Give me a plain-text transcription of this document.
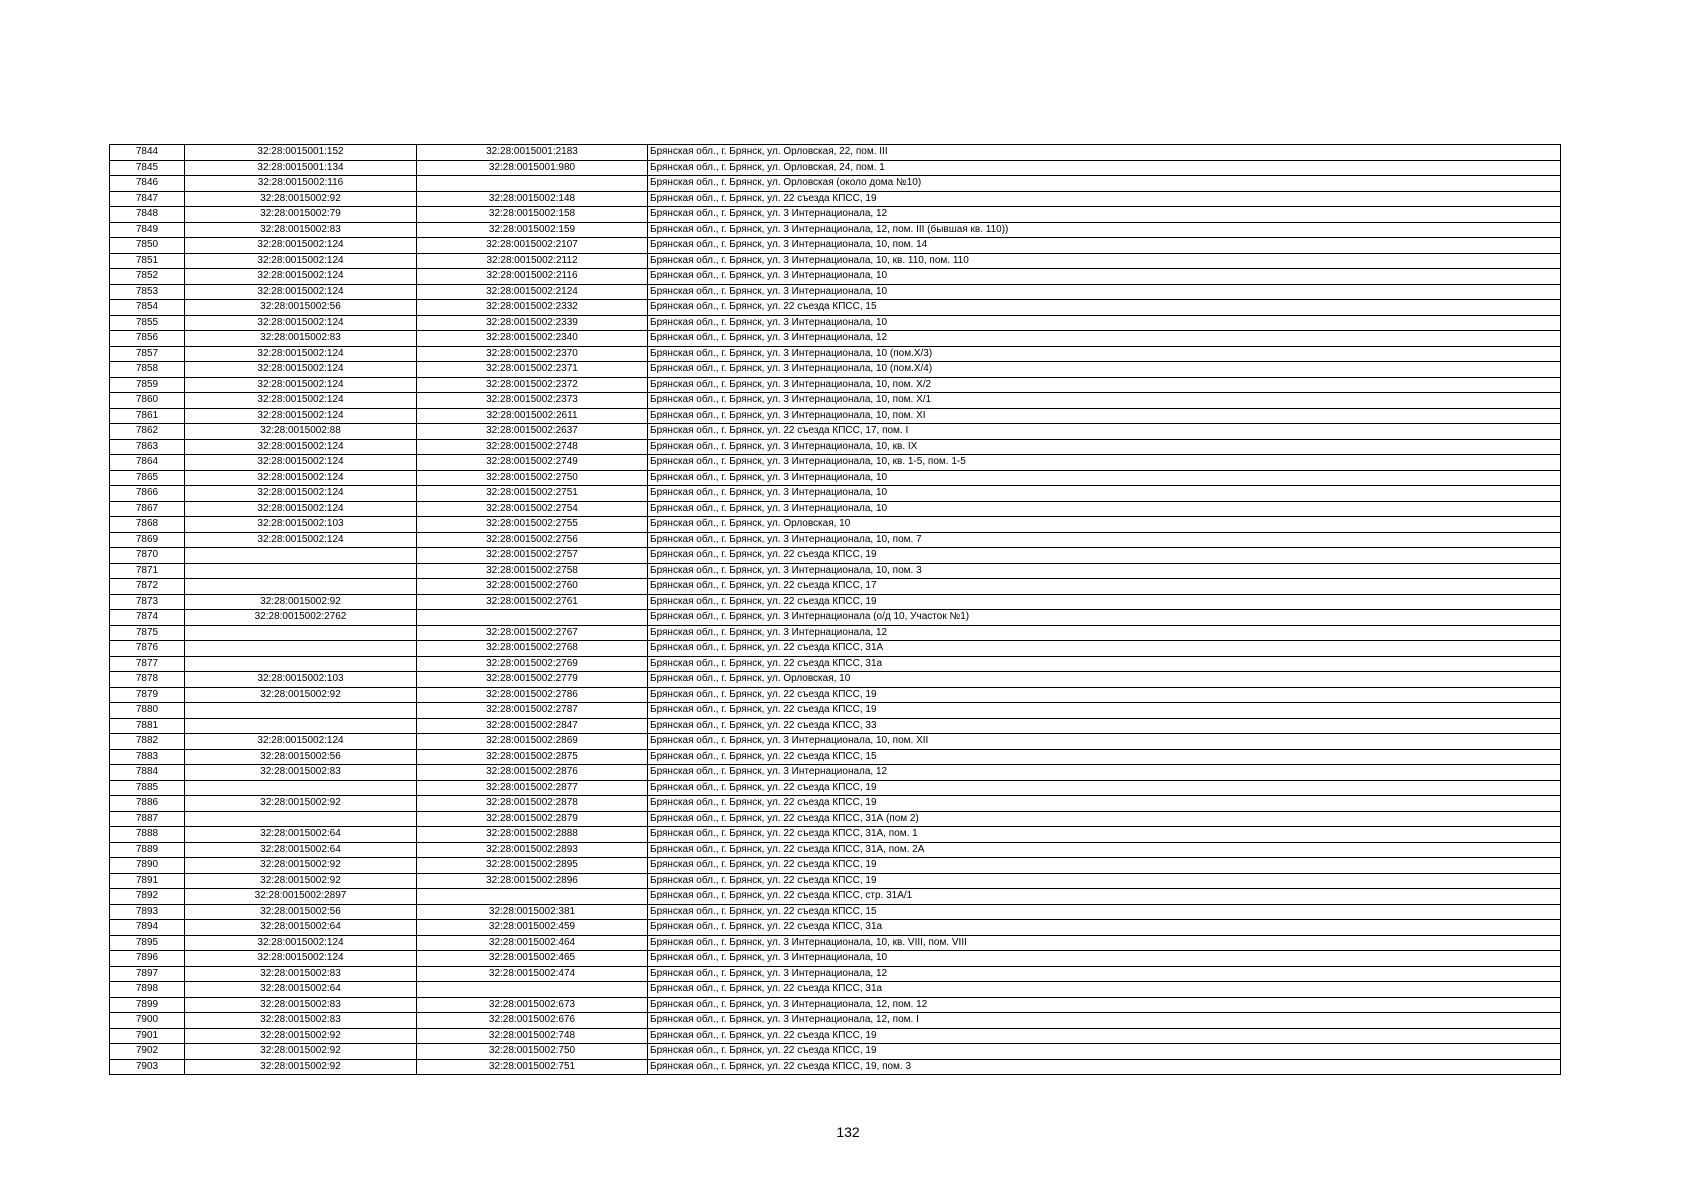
7844	32:28:0015001:152	32:28:0015001:2183	Брянская обл., г. Брянск, ул. Орловская, 22, пом. III
7845	32:28:0015001:134	32:28:0015001:980	Брянская обл., г. Брянск, ул. Орловская, 24, пом. 1
7846	32:28:0015002:116		Брянская обл., г. Брянск, ул. Орловская (около дома №10)
7847	32:28:0015002:92	32:28:0015002:148	Брянская обл., г. Брянск, ул. 22 съезда КПСС, 19
7848	32:28:0015002:79	32:28:0015002:158	Брянская обл., г. Брянск, ул. 3 Интернационала, 12
7849	32:28:0015002:83	32:28:0015002:159	Брянская обл., г. Брянск, ул. 3 Интернационала, 12, пом. III (бывшая кв. 110))
7850	32:28:0015002:124	32:28:0015002:2107	Брянская обл., г. Брянск, ул. 3 Интернационала, 10, пом. 14
7851	32:28:0015002:124	32:28:0015002:2112	Брянская обл., г. Брянск, ул. 3 Интернационала, 10, кв. 110, пом. 110
7852	32:28:0015002:124	32:28:0015002:2116	Брянская обл., г. Брянск, ул. 3 Интернационала, 10
7853	32:28:0015002:124	32:28:0015002:2124	Брянская обл., г. Брянск, ул. 3 Интернационала, 10
7854	32:28:0015002:56	32:28:0015002:2332	Брянская обл., г. Брянск, ул. 22 съезда КПСС, 15
7855	32:28:0015002:124	32:28:0015002:2339	Брянская обл., г. Брянск, ул. 3 Интернационала, 10
7856	32:28:0015002:83	32:28:0015002:2340	Брянская обл., г. Брянск, ул. 3 Интернационала, 12
7857	32:28:0015002:124	32:28:0015002:2370	Брянская обл., г. Брянск, ул. 3 Интернационала, 10 (пом.Х/3)
7858	32:28:0015002:124	32:28:0015002:2371	Брянская обл., г. Брянск, ул. 3 Интернационала, 10 (пом.Х/4)
7859	32:28:0015002:124	32:28:0015002:2372	Брянская обл., г. Брянск, ул. 3 Интернационала, 10, пом. Х/2
7860	32:28:0015002:124	32:28:0015002:2373	Брянская обл., г. Брянск, ул. 3 Интернационала, 10, пом. Х/1
7861	32:28:0015002:124	32:28:0015002:2611	Брянская обл., г. Брянск, ул. 3 Интернационала, 10, пом. XI
7862	32:28:0015002:88	32:28:0015002:2637	Брянская обл., г. Брянск, ул. 22 съезда КПСС, 17, пом. I
7863	32:28:0015002:124	32:28:0015002:2748	Брянская обл., г. Брянск, ул. 3 Интернационала, 10, кв. IX
7864	32:28:0015002:124	32:28:0015002:2749	Брянская обл., г. Брянск, ул. 3 Интернационала, 10, кв. 1-5, пом. 1-5
7865	32:28:0015002:124	32:28:0015002:2750	Брянская обл., г. Брянск, ул. 3 Интернационала, 10
7866	32:28:0015002:124	32:28:0015002:2751	Брянская обл., г. Брянск, ул. 3 Интернационала, 10
7867	32:28:0015002:124	32:28:0015002:2754	Брянская обл., г. Брянск, ул. 3 Интернационала, 10
7868	32:28:0015002:103	32:28:0015002:2755	Брянская обл., г. Брянск, ул. Орловская, 10
7869	32:28:0015002:124	32:28:0015002:2756	Брянская обл., г. Брянск, ул. 3 Интернационала, 10, пом. 7
7870		32:28:0015002:2757	Брянская обл., г. Брянск, ул. 22 съезда КПСС, 19
7871		32:28:0015002:2758	Брянская обл., г. Брянск, ул. 3 Интернационала, 10, пом. 3
7872		32:28:0015002:2760	Брянская обл., г. Брянск, ул. 22 съезда КПСС, 17
7873	32:28:0015002:92	32:28:0015002:2761	Брянская обл., г. Брянск, ул. 22 съезда КПСС, 19
7874	32:28:0015002:2762		Брянская обл., г. Брянск, ул. 3 Интернационала (о/д 10, Участок №1)
7875		32:28:0015002:2767	Брянская обл., г. Брянск, ул. 3 Интернационала, 12
7876		32:28:0015002:2768	Брянская обл., г. Брянск, ул. 22 съезда КПСС, 31А
7877		32:28:0015002:2769	Брянская обл., г. Брянск, ул. 22 съезда КПСС, 31а
7878	32:28:0015002:103	32:28:0015002:2779	Брянская обл., г. Брянск, ул. Орловская, 10
7879	32:28:0015002:92	32:28:0015002:2786	Брянская обл., г. Брянск, ул. 22 съезда КПСС, 19
7880		32:28:0015002:2787	Брянская обл., г. Брянск, ул. 22 съезда КПСС, 19
7881		32:28:0015002:2847	Брянская обл., г. Брянск, ул. 22 съезда КПСС, 33
7882	32:28:0015002:124	32:28:0015002:2869	Брянская обл., г. Брянск, ул. 3 Интернационала, 10, пом. XII
7883	32:28:0015002:56	32:28:0015002:2875	Брянская обл., г. Брянск, ул. 22 съезда КПСС, 15
7884	32:28:0015002:83	32:28:0015002:2876	Брянская обл., г. Брянск, ул. 3 Интернационала, 12
7885		32:28:0015002:2877	Брянская обл., г. Брянск, ул. 22 съезда КПСС, 19
7886	32:28:0015002:92	32:28:0015002:2878	Брянская обл., г. Брянск, ул. 22 съезда КПСС, 19
7887		32:28:0015002:2879	Брянская обл., г. Брянск, ул. 22 съезда КПСС, 31А (пом 2)
7888	32:28:0015002:64	32:28:0015002:2888	Брянская обл., г. Брянск, ул. 22 съезда КПСС, 31А, пом. 1
7889	32:28:0015002:64	32:28:0015002:2893	Брянская обл., г. Брянск, ул. 22 съезда КПСС, 31А, пом. 2А
7890	32:28:0015002:92	32:28:0015002:2895	Брянская обл., г. Брянск, ул. 22 съезда КПСС, 19
7891	32:28:0015002:92	32:28:0015002:2896	Брянская обл., г. Брянск, ул. 22 съезда КПСС, 19
7892	32:28:0015002:2897		Брянская обл., г. Брянск, ул. 22 съезда КПСС, стр. 31А/1
7893	32:28:0015002:56	32:28:0015002:381	Брянская обл., г. Брянск, ул. 22 съезда КПСС, 15
7894	32:28:0015002:64	32:28:0015002:459	Брянская обл., г. Брянск, ул. 22 съезда КПСС, 31а
7895	32:28:0015002:124	32:28:0015002:464	Брянская обл., г. Брянск, ул. 3 Интернационала, 10, кв. VIII, пом. VIII
7896	32:28:0015002:124	32:28:0015002:465	Брянская обл., г. Брянск, ул. 3 Интернационала, 10
7897	32:28:0015002:83	32:28:0015002:474	Брянская обл., г. Брянск, ул. 3 Интернационала, 12
7898	32:28:0015002:64		Брянская обл., г. Брянск, ул. 22 съезда КПСС, 31а
7899	32:28:0015002:83	32:28:0015002:673	Брянская обл., г. Брянск, ул. 3 Интернационала, 12, пом. 12
7900	32:28:0015002:83	32:28:0015002:676	Брянская обл., г. Брянск, ул. 3 Интернационала, 12, пом. I
7901	32:28:0015002:92	32:28:0015002:748	Брянская обл., г. Брянск, ул. 22 съезда КПСС, 19
7902	32:28:0015002:92	32:28:0015002:750	Брянская обл., г. Брянск, ул. 22 съезда КПСС, 19
7903	32:28:0015002:92	32:28:0015002:751	Брянская обл., г. Брянск, ул. 22 съезда КПСС, 19, пом. 3
132
